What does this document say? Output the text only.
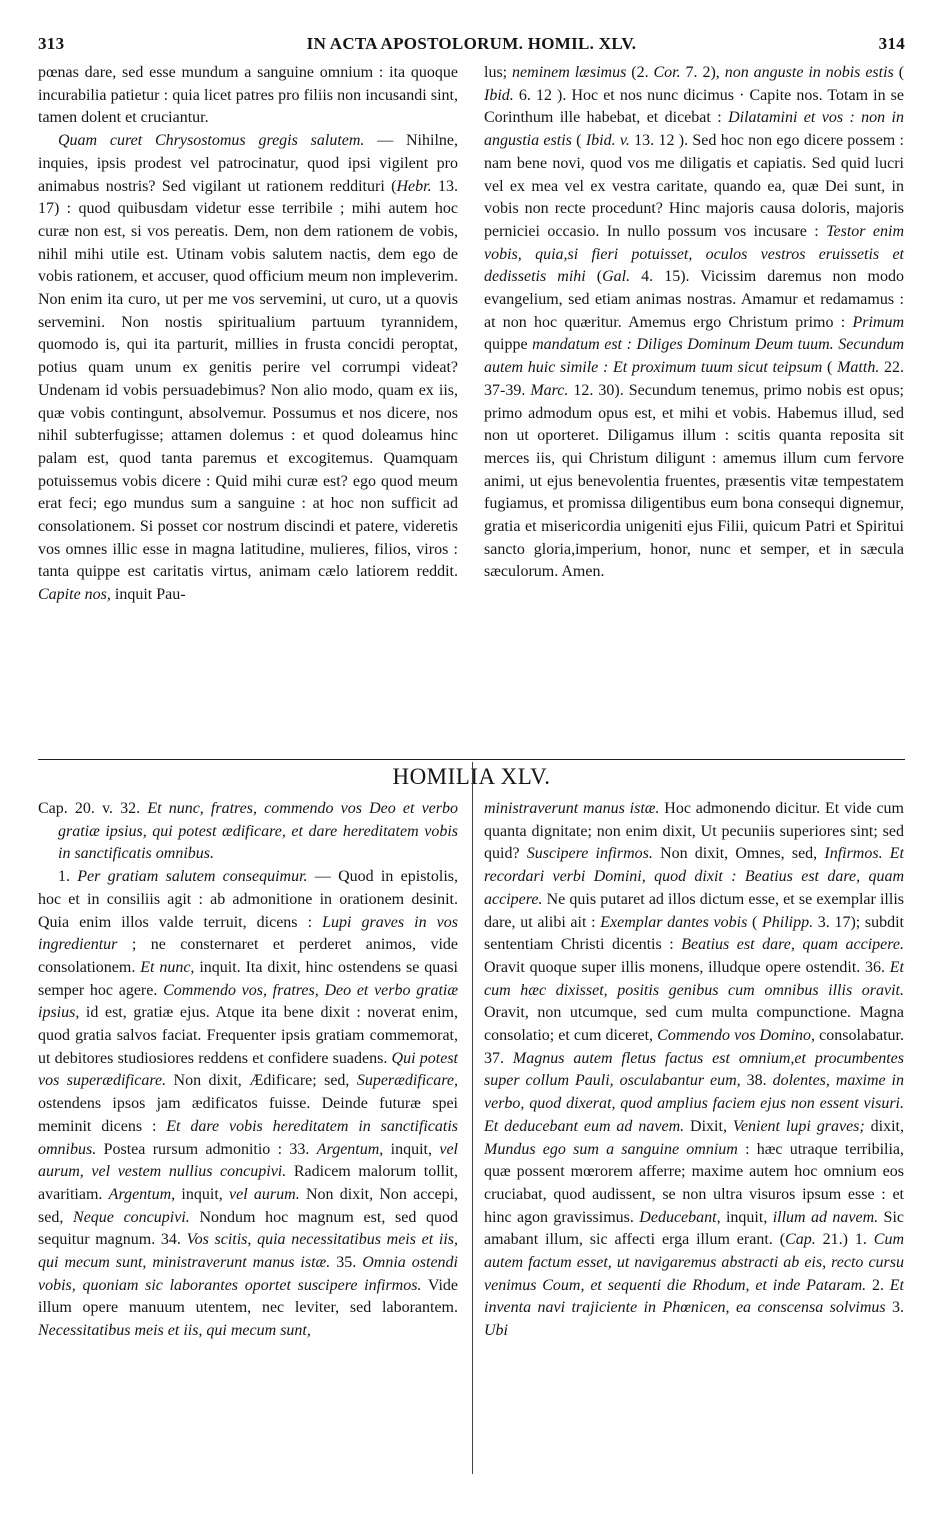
313	IN ACTA APOSTOLORUM. HOMIL. XLV.	314

pœnas dare, sed esse mundum a sanguine omnium : ita quoque incurabilia patietur : quia licet patres pro filiis non incusandi sint, tamen dolent et cruciantur.

Quam curet Chrysostomus gregis salutem. — Nihilne, inquies, ipsis prodest vel patrocinatur, quod ipsi vigilent pro animabus nostris? Sed vigilant ut rationem reddituri (Hebr. 13. 17) : quod quibusdam videtur esse terribile ; mihi autem hoc curæ non est, si vos pereatis. Dem, non dem rationem de vobis, nihil mihi utile est. Utinam vobis salutem nactis, dem ego de vobis rationem, et accuser, quod officium meum non impleverim. Non enim ita curo, ut per me vos servemini, ut curo, ut a quovis servemini. Non nostis spiritualium partuum tyrannidem, quomodo is, qui ita parturit, millies in frusta concidi peroptat, potius quam unum ex genitis perire vel corrumpi videat? Undenam id vobis persuadebimus? Non alio modo, quam ex iis, quæ vobis contingunt, absolvemur. Possumus et nos dicere, nos nihil subterfugisse; attamen dolemus : et quod doleamus hinc palam est, quod tanta paremus et excogitemus. Quamquam potuissemus vobis dicere : Quid mihi curæ est? ego quod meum erat feci; ego mundus sum a sanguine : at hoc non sufficit ad consolationem. Si posset cor nostrum discindi et patere, videretis vos omnes illic esse in magna latitudine, mulieres, filios, viros : tanta quippe est caritatis virtus, animam cælo latiorem reddit. Capite nos, inquit Pau-

lus; neminem læsimus (2. Cor. 7. 2), non anguste in nobis estis ( Ibid. 6. 12 ). Hoc et nos nunc dicimus · Capite nos. Totam in se Corinthum ille habebat, et dicebat : Dilatamini et vos : non in angustia estis ( Ibid. v. 13. 12 ). Sed hoc non ego dicere possem : nam bene novi, quod vos me diligatis et capiatis. Sed quid lucri vel ex mea vel ex vestra caritate, quando ea, quæ Dei sunt, in vobis non recte procedunt? Hinc majoris causa doloris, majoris perniciei occasio. In nullo possum vos incusare : Testor enim vobis, quia,si fieri potuisset, oculos vestros eruissetis et dedissetis mihi (Gal. 4. 15). Vicissim daremus non modo evangelium, sed etiam animas nostras. Amamur et redamamus : at non hoc quæritur. Amemus ergo Christum primo : Primum quippe mandatum est : Diliges Dominum Deum tuum. Secundum autem huic simile : Et proximum tuum sicut teipsum ( Matth. 22. 37-39. Marc. 12. 30). Secundum tenemus, primo nobis est opus; primo admodum opus est, et mihi et vobis. Habemus illud, sed non ut oporteret. Diligamus illum : scitis quanta reposita sit merces iis, qui Christum diligunt : amemus illum cum fervore animi, ut ejus benevolentia fruentes, præsentis vitæ tempestatem fugiamus, et promissa diligentibus eum bona consequi dignemur, gratia et misericordia unigeniti ejus Filii, quicum Patri et Spiritui sancto gloria,imperium, honor, nunc et semper, et in sæcula sæculorum. Amen.

HOMILIA XLV.

Cap. 20. v. 32. Et nunc, fratres, commendo vos Deo et verbo gratiæ ipsius, qui potest ædificare, et dare hereditatem vobis in sanctificatis omnibus.

1. Per gratiam salutem consequimur. — Quod in epistolis, hoc et in consiliis agit : ab admonitione in orationem desinit. Quia enim illos valde terruit, dicens : Lupi graves in vos ingredientur ; ne consternaret et perderet animos, vide consolationem. Et nunc, inquit. Ita dixit, hinc ostendens se quasi semper hoc agere. Commendo vos, fratres, Deo et verbo gratiæ ipsius, id est, gratiæ ejus. Atque ita bene dixit : noverat enim, quod gratia salvos faciat. Frequenter ipsis gratiam commemorat, ut debitores studiosiores reddens et confidere suadens. Qui potest vos superædificare. Non dixit, Ædificare; sed, Superædificare, ostendens ipsos jam ædificatos fuisse. Deinde futuræ spei meminit dicens : Et dare vobis hereditatem in sanctificatis omnibus. Postea rursum admonitio : 33. Argentum, inquit, vel aurum, vel vestem nullius concupivi. Radicem malorum tollit, avaritiam. Argentum, inquit, vel aurum. Non dixit, Non accepi, sed, Neque concupivi. Nondum hoc magnum est, sed quod sequitur magnum. 34. Vos scitis, quia necessitatibus meis et iis, qui mecum sunt, ministraverunt manus istæ. 35. Omnia ostendi vobis, quoniam sic laborantes oportet suscipere infirmos. Vide illum opere manuum utentem, nec leviter, sed laborantem. Necessitatibus meis et iis, qui mecum sunt,

ministraverunt manus istæ. Hoc admonendo dicitur. Et vide cum quanta dignitate; non enim dixit, Ut pecuniis superiores sint; sed quid? Suscipere infirmos. Non dixit, Omnes, sed, Infirmos. Et recordari verbi Domini, quod dixit : Beatius est dare, quam accipere. Ne quis putaret ad illos dictum esse, et se exemplar illis dare, ut alibi ait : Exemplar dantes vobis ( Philipp. 3. 17); subdit sententiam Christi dicentis : Beatius est dare, quam accipere. Oravit quoque super illis monens, illudque opere ostendit. 36. Et cum hæc dixisset, positis genibus cum omnibus illis oravit. Oravit, non utcumque, sed cum multa compunctione. Magna consolatio; et cum diceret, Commendo vos Domino, consolabatur. 37. Magnus autem fletus factus est omnium,et procumbentes super collum Pauli, osculabantur eum, 38. dolentes, maxime in verbo, quod dixerat, quod amplius faciem ejus non essent visuri. Et deducebant eum ad navem. Dixit, Venient lupi graves; dixit, Mundus ego sum a sanguine omnium : hæc utraque terribilia, quæ possent mœrorem afferre; maxime autem hoc omnium eos cruciabat, quod audissent, se non ultra visuros ipsum esse : et hinc agon gravissimus. Deducebant, inquit, illum ad navem. Sic amabant illum, sic affecti erga illum erant. (Cap. 21.) 1. Cum autem factum esset, ut navigaremus abstracti ab eis, recto cursu venimus Coum, et sequenti die Rhodum, et inde Pataram. 2. Et inventa navi trajiciente in Phœnicen, ea conscensa solvimus 3. Ubi
